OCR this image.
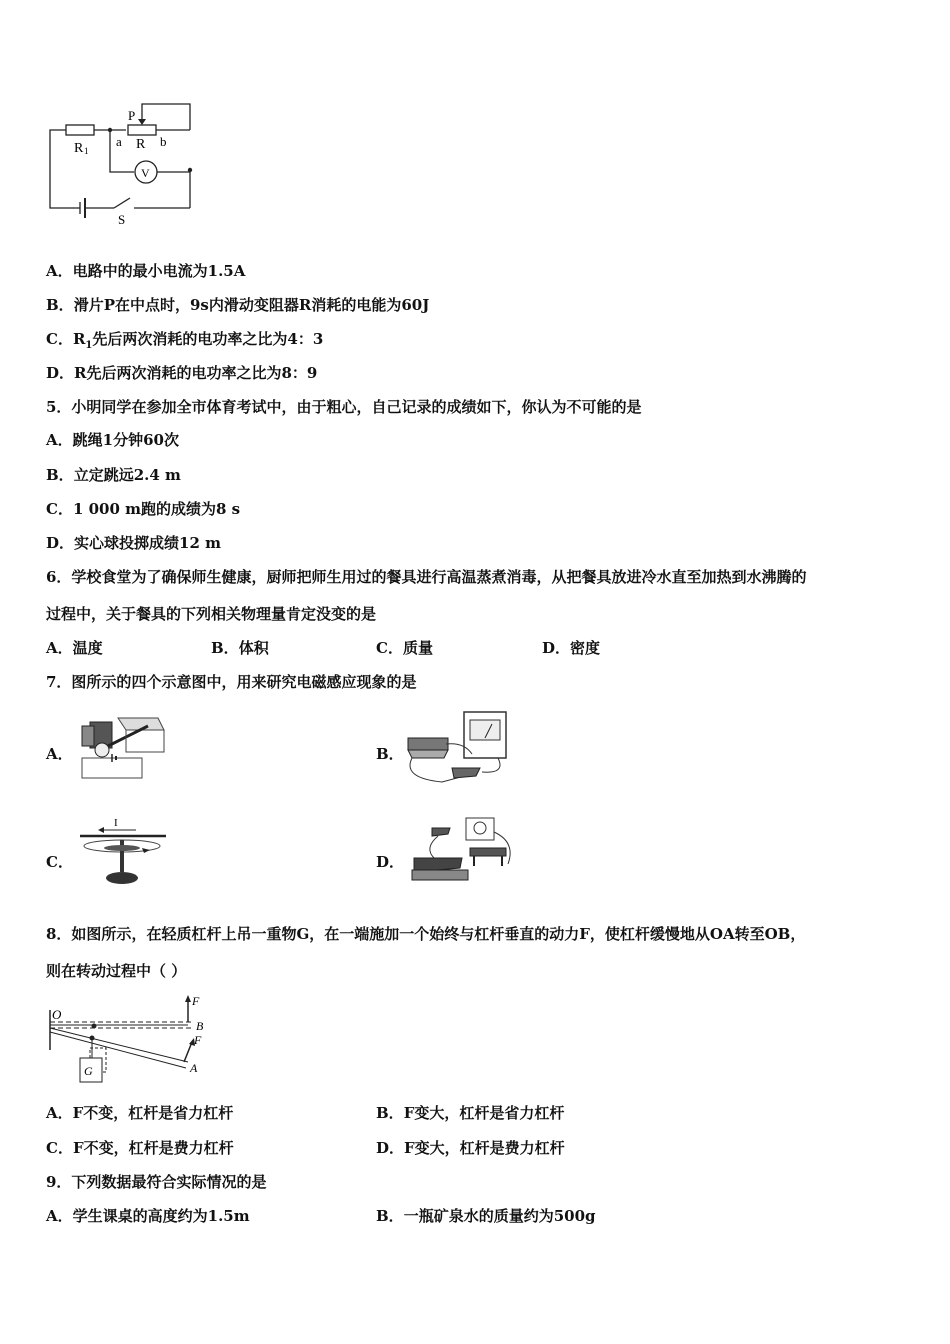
P
R 1
a R b
V
S
A．电路中的最小电流为1.5A
B．滑片P在中点时，9s内滑动变阻器R消耗的电能为60J
C．$R_1$先后两次消耗的电功率之比为4：3
D．R先后两次消耗的电功率之比为8：9
5．小明同学在参加全市体育考试中，由于粗心，自己记录的成绩如下，你认为不可能的是
A．跳绳1分钟60次
B．立定跳远2.4 m
C．1 000 m跑的成绩为8 s
D．实心球投掷成绩12 m
6．学校食堂为了确保师生健康，厨师把师生用过的餐具进行高温蒸煮消毒，从把餐具放进冷水直至加热到水沸腾的
过程中，关于餐具的下列相关物理量肯定没变的是
A．温度	B．体积	C．质量	D．密度
7．图所示的四个示意图中，用来研究电磁感应现象的是
A．	B．
C．
I
D．
8．如图所示，在轻质杠杆上吊一重物G，在一端施加一个始终与杠杆垂直的动力F，使杠杆缓慢地从OA转至OB，
则在转动过程中（ ）
O
F
B
F
A
G
A．F不变，杠杆是省力杠杆	B．F变大，杠杆是省力杠杆
C．F不变，杠杆是费力杠杆	D．F变大，杠杆是费力杠杆
9．下列数据最符合实际情况的是
A．学生课桌的高度约为1.5m	B．一瓶矿泉水的质量约为500g
